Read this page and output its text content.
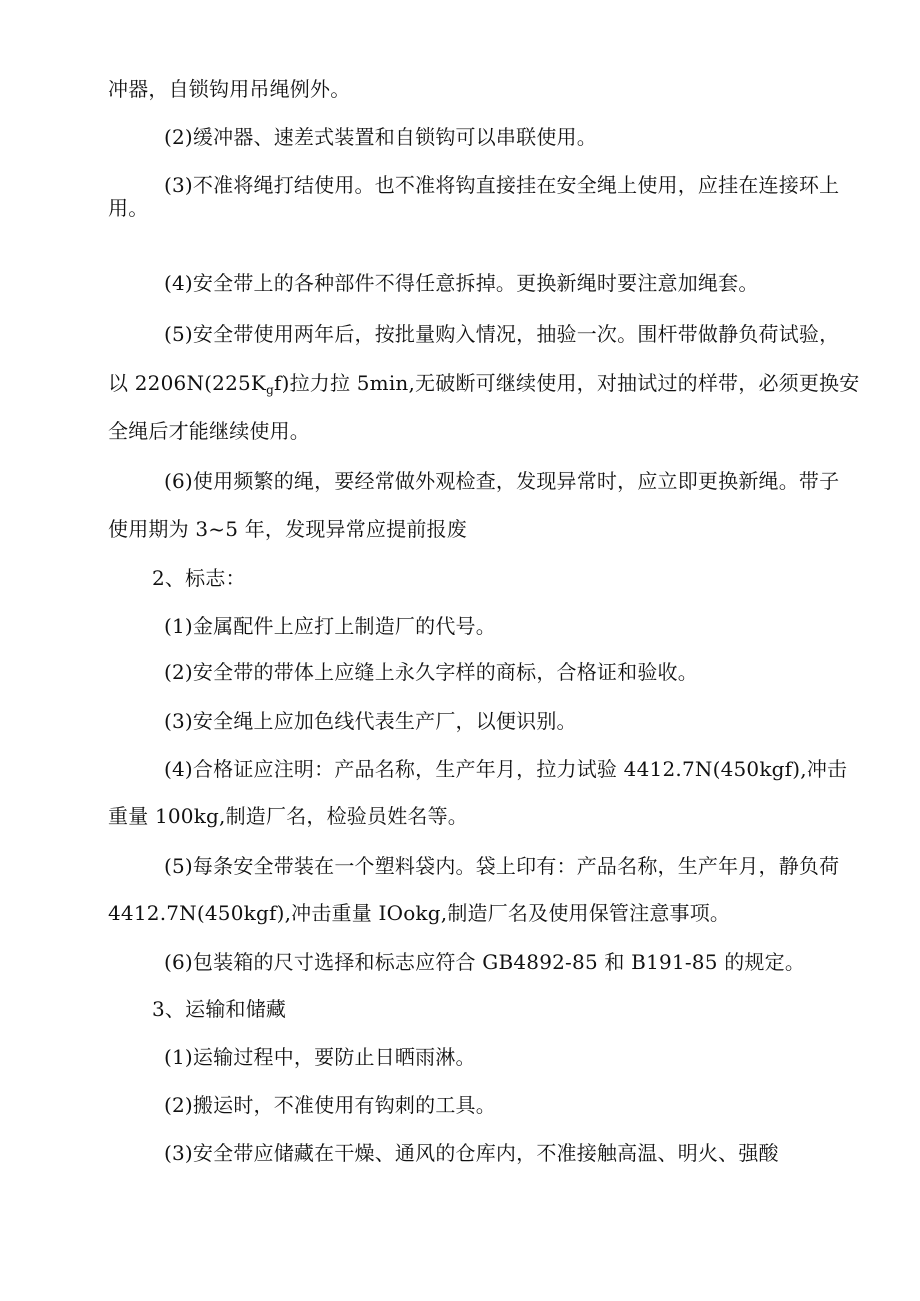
冲器，自锁钩用吊绳例外。
(2)缓冲器、速差式装置和自锁钩可以串联使用。
(3)不准将绳打结使用。也不准将钩直接挂在安全绳上使用，应挂在连接环上
用。
(4)安全带上的各种部件不得任意拆掉。更换新绳时要注意加绳套。
(5)安全带使用两年后，按批量购入情况，抽验一次。围杆带做静负荷试验，
以 $2206N(225K_gf)$拉力拉 5min,无破断可继续使用，对抽试过的样带，必须更换安
全绳后才能继续使用。
(6)使用频繁的绳，要经常做外观检查，发现异常时，应立即更换新绳。带子
使用期为 3~5 年，发现异常应提前报废
2、标志：
(1)金属配件上应打上制造厂的代号。
(2)安全带的带体上应缝上永久字样的商标，合格证和验收。
(3)安全绳上应加色线代表生产厂，以便识别。
(4)合格证应注明：产品名称，生产年月，拉力试验 4412.7N(450kgf),冲击
重量 100kg,制造厂名，检验员姓名等。
(5)每条安全带装在一个塑料袋内。袋上印有：产品名称，生产年月，静负荷
4412.7N(450kgf),冲击重量 IOokg,制造厂名及使用保管注意事项。
(6)包装箱的尺寸选择和标志应符合 GB4892-85 和 B191-85 的规定。
3、运输和储藏
(1)运输过程中，要防止日晒雨淋。
(2)搬运时，不准使用有钩刺的工具。
(3)安全带应储藏在干燥、通风的仓库内，不准接触高温、明火、强酸
